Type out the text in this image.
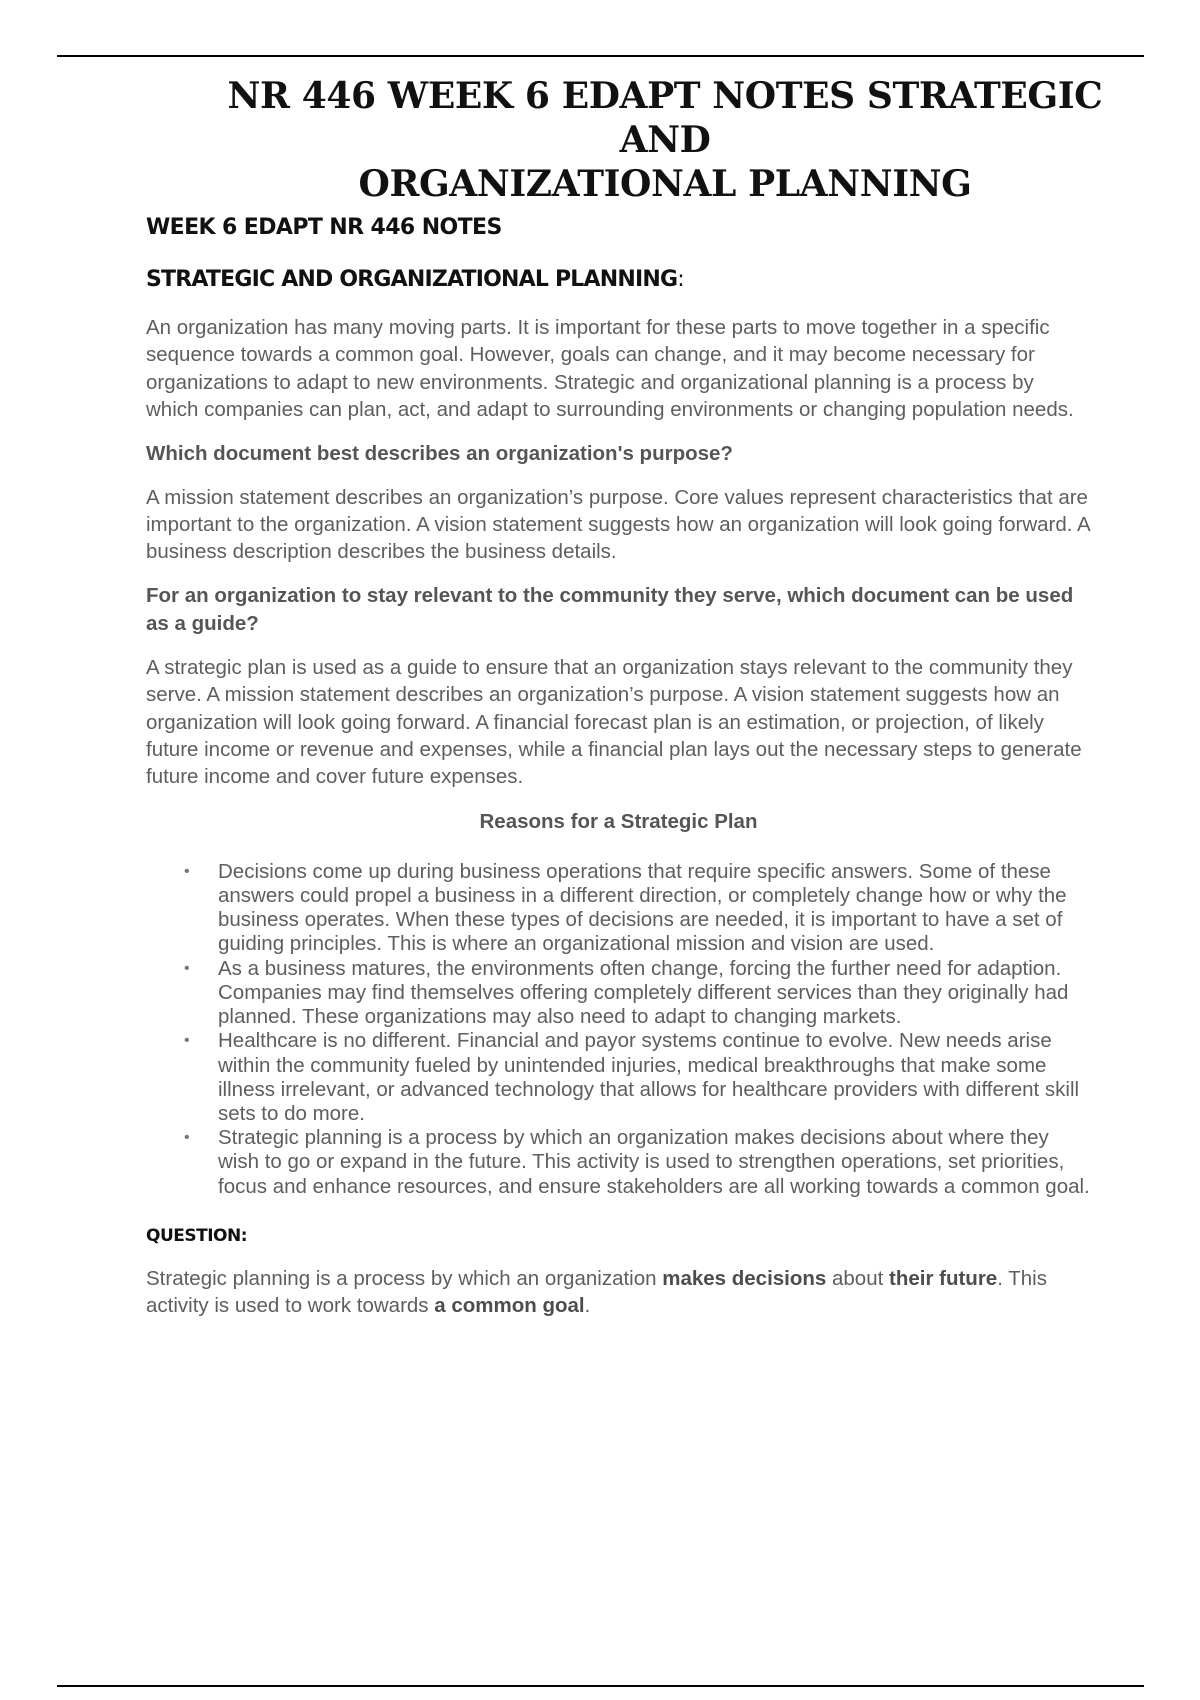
NR 446 WEEK 6 EDAPT NOTES STRATEGIC AND
ORGANIZATIONAL PLANNING
WEEK 6 EDAPT NR 446 NOTES
STRATEGIC AND ORGANIZATIONAL PLANNING:

An organization has many moving parts. It is important for these parts to move together in a specific sequence towards a common goal. However, goals can change, and it may become necessary for organizations to adapt to new environments. Strategic and organizational planning is a process by which companies can plan, act, and adapt to surrounding environments or changing population needs.

Which document best describes an organization's purpose?

A mission statement describes an organization’s purpose. Core values represent characteristics that are important to the organization. A vision statement suggests how an organization will look going forward. A business description describes the business details.

For an organization to stay relevant to the community they serve, which document can be used as a guide?

A strategic plan is used as a guide to ensure that an organization stays relevant to the community they serve. A mission statement describes an organization’s purpose. A vision statement suggests how an organization will look going forward. A financial forecast plan is an estimation, or projection, of likely future income or revenue and expenses, while a financial plan lays out the necessary steps to generate future income and cover future expenses.

Reasons for a Strategic Plan

• Decisions come up during business operations that require specific answers. Some of these answers could propel a business in a different direction, or completely change how or why the business operates. When these types of decisions are needed, it is important to have a set of guiding principles. This is where an organizational mission and vision are used.
• As a business matures, the environments often change, forcing the further need for adaption. Companies may find themselves offering completely different services than they originally had planned. These organizations may also need to adapt to changing markets.
• Healthcare is no different. Financial and payor systems continue to evolve. New needs arise within the community fueled by unintended injuries, medical breakthroughs that make some illness irrelevant, or advanced technology that allows for healthcare providers with different skill sets to do more.
• Strategic planning is a process by which an organization makes decisions about where they wish to go or expand in the future. This activity is used to strengthen operations, set priorities, focus and enhance resources, and ensure stakeholders are all working towards a common goal.

QUESTION:

Strategic planning is a process by which an organization makes decisions about their future. This activity is used to work towards a common goal.
